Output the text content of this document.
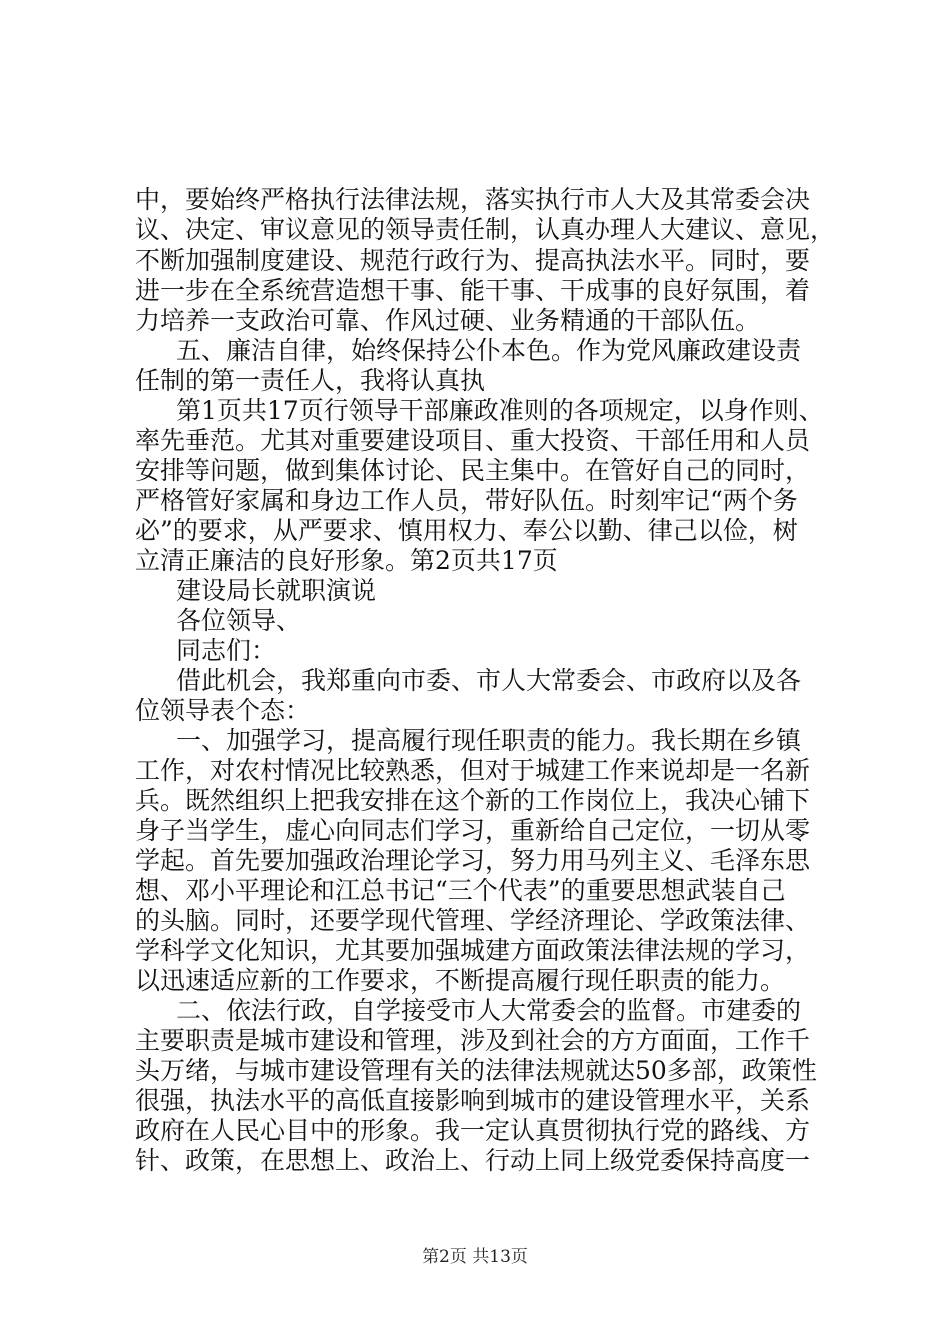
中，要始终严格执行法律法规，落实执行市人大及其常委会决
议、决定、审议意见的领导责任制，认真办理人大建议、意见，
不断加强制度建设、规范行政行为、提高执法水平。同时，要
进一步在全系统营造想干事、能干事、干成事的良好氛围，着
力培养一支政治可靠、作风过硬、业务精通的干部队伍。
五、廉洁自律，始终保持公仆本色。作为党风廉政建设责
任制的第一责任人，我将认真执
第1页共17页行领导干部廉政准则的各项规定，以身作则、
率先垂范。尤其对重要建设项目、重大投资、干部任用和人员
安排等问题，做到集体讨论、民主集中。在管好自己的同时，
严格管好家属和身边工作人员，带好队伍。时刻牢记“两个务
必”的要求，从严要求、慎用权力、奉公以勤、律己以俭，树
立清正廉洁的良好形象。第2页共17页
建设局长就职演说
各位领导、
同志们：
借此机会，我郑重向市委、市人大常委会、市政府以及各
位领导表个态：
一、加强学习，提高履行现任职责的能力。我长期在乡镇
工作，对农村情况比较熟悉，但对于城建工作来说却是一名新
兵。既然组织上把我安排在这个新的工作岗位上，我决心铺下
身子当学生，虚心向同志们学习，重新给自己定位，一切从零
学起。首先要加强政治理论学习，努力用马列主义、毛泽东思
想、邓小平理论和江总书记“三个代表”的重要思想武装自己
的头脑。同时，还要学现代管理、学经济理论、学政策法律、
学科学文化知识，尤其要加强城建方面政策法律法规的学习，
以迅速适应新的工作要求，不断提高履行现任职责的能力。
二、依法行政，自学接受市人大常委会的监督。市建委的
主要职责是城市建设和管理，涉及到社会的方方面面，工作千
头万绪，与城市建设管理有关的法律法规就达50多部，政策性
很强，执法水平的高低直接影响到城市的建设管理水平，关系
政府在人民心目中的形象。我一定认真贯彻执行党的路线、方
针、政策，在思想上、政治上、行动上同上级党委保持高度一
第2页 共13页
